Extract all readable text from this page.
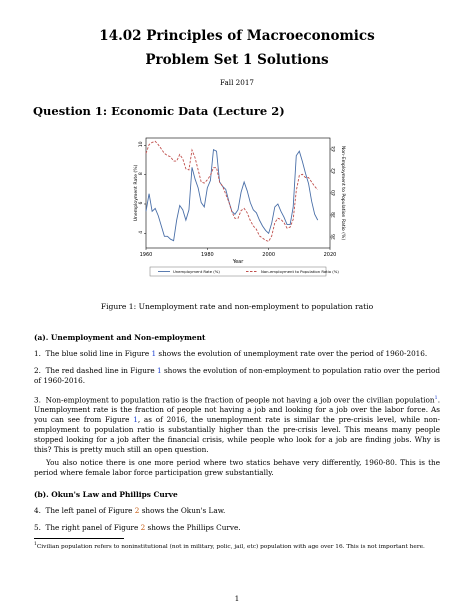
14.02 Principles of Macroeconomics
Problem Set 1 Solutions
Fall 2017
Question 1: Economic Data (Lecture 2)
4
6
8
10
36
38
40
42
44
1960	1980	2000	2020
Unemployment Rate (%)	Non-Employment to Population Ratio (%)
Year
Unemployment Rate (%)	Non-employment to Population Ratio (%)
Figure 1: Unemployment rate and non-employment to population ratio
(a). Unemployment and Non-employment
1. The blue solid line in Figure 1 shows the evolution of unemployment rate over the period of 1960-2016.
2. The red dashed line in Figure 1 shows the evolution of non-employment to population ratio over the period of 1960-2016.
3. Non-employment to population ratio is the fraction of people not having a job over the civilian population$^1$. Unemployment rate is the fraction of people not having a job and looking for a job over the labor force. As you can see from Figure 1, as of 2016, the unemployment rate is similar the pre-crisis level, while non-employment to population ratio is substantially higher than the pre-crisis level. This means many people stopped looking for a job after the financial crisis, while people who look for a job are finding jobs. Why is this? This is pretty much still an open question.
You also notice there is one more period where two statics behave very differently, 1960-80. This is the period where female labor force participation grew substantially.
(b). Okun's Law and Phillips Curve
4. The left panel of Figure 2 shows the Okun's Law.
5. The right panel of Figure 2 shows the Phillips Curve.
$^1$Civilian population refers to noninstitutional (not in military, polic, jail, etc) population with age over 16. This is not important here.
1
